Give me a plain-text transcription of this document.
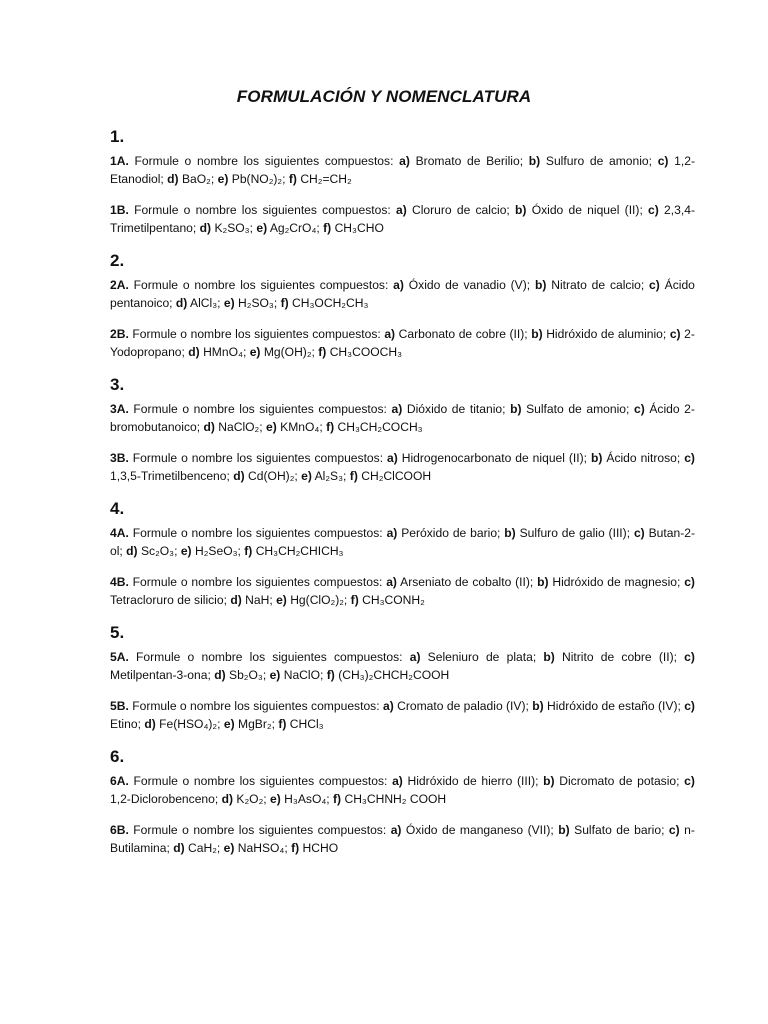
FORMULACIÓN Y NOMENCLATURA
1.

1A. Formule o nombre los siguientes compuestos: a) Bromato de Berilio; b) Sulfuro de amonio; c) 1,2-Etanodiol; d) BaO₂; e) Pb(NO₂)₂; f) CH₂=CH₂

1B. Formule o nombre los siguientes compuestos: a) Cloruro de calcio; b) Óxido de niquel (II); c) 2,3,4-Trimetilpentano; d) K₂SO₃; e) Ag₂CrO₄; f) CH₃CHO

2.

2A. Formule o nombre los siguientes compuestos: a) Óxido de vanadio (V); b) Nitrato de calcio; c) Ácido pentanoico; d) AlCl₃; e) H₂SO₃; f) CH₃OCH₂CH₃

2B. Formule o nombre los siguientes compuestos: a) Carbonato de cobre (II); b) Hidróxido de aluminio; c) 2-Yodopropano; d) HMnO₄; e) Mg(OH)₂; f) CH₃COOCH₃

3.

3A. Formule o nombre los siguientes compuestos: a) Dióxido de titanio; b) Sulfato de amonio; c) Ácido 2-bromobutanoico; d) NaClO₂; e) KMnO₄; f) CH₃CH₂COCH₃

3B. Formule o nombre los siguientes compuestos: a) Hidrogenocarbonato de niquel (II); b) Ácido nitroso; c) 1,3,5-Trimetilbenceno; d) Cd(OH)₂; e) Al₂S₃; f) CH₂ClCOOH

4.

4A. Formule o nombre los siguientes compuestos: a) Peróxido de bario; b) Sulfuro de galio (III); c) Butan-2-ol; d) Sc₂O₃; e) H₂SeO₃; f) CH₃CH₂CHICH₃

4B. Formule o nombre los siguientes compuestos: a) Arseniato de cobalto (II); b) Hidróxido de magnesio; c) Tetracloruro de silicio; d) NaH; e) Hg(ClO₂)₂; f) CH₃CONH₂

5.

5A. Formule o nombre los siguientes compuestos: a) Seleniuro de plata; b) Nitrito de cobre (II); c) Metilpentan-3-ona; d) Sb₂O₃; e) NaClO; f) (CH₃)₂CHCH₂COOH

5B. Formule o nombre los siguientes compuestos: a) Cromato de paladio (IV); b) Hidróxido de estaño (IV); c) Etino; d) Fe(HSO₄)₂; e) MgBr₂; f) CHCl₃

6.

6A. Formule o nombre los siguientes compuestos: a) Hidróxido de hierro (III); b) Dicromato de potasio; c) 1,2-Diclorobenceno; d) K₂O₂; e) H₃AsO₄; f) CH₃CHNH₂ COOH

6B. Formule o nombre los siguientes compuestos: a) Óxido de manganeso (VII); b) Sulfato de bario; c) n-Butilamina; d) CaH₂; e) NaHSO₄; f) HCHO
